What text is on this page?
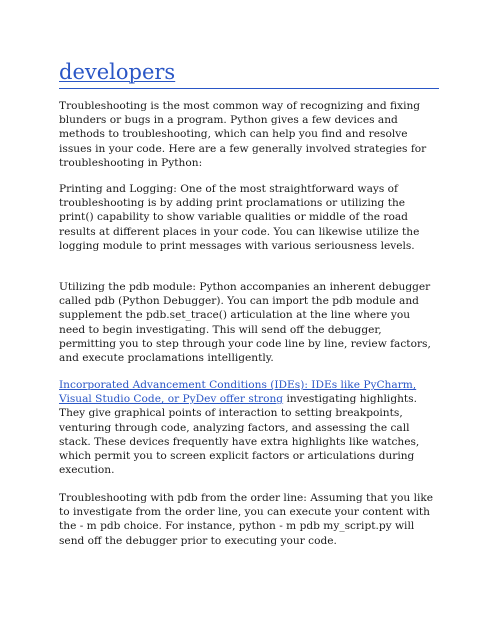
developers

Troubleshooting is the most common way of recognizing and fixing blunders or bugs in a program. Python gives a few devices and methods to troubleshooting, which can help you find and resolve issues in your code. Here are a few generally involved strategies for troubleshooting in Python:

Printing and Logging: One of the most straightforward ways of troubleshooting is by adding print proclamations or utilizing the print() capability to show variable qualities or middle of the road results at different places in your code. You can likewise utilize the logging module to print messages with various seriousness levels.

Utilizing the pdb module: Python accompanies an inherent debugger called pdb (Python Debugger). You can import the pdb module and supplement the pdb.set_trace() articulation at the line where you need to begin investigating. This will send off the debugger, permitting you to step through your code line by line, review factors, and execute proclamations intelligently.

Incorporated Advancement Conditions (IDEs): IDEs like PyCharm, Visual Studio Code, or PyDev offer strong investigating highlights. They give graphical points of interaction to setting breakpoints, venturing through code, analyzing factors, and assessing the call stack. These devices frequently have extra highlights like watches, which permit you to screen explicit factors or articulations during execution.

Troubleshooting with pdb from the order line: Assuming that you like to investigate from the order line, you can execute your content with the - m pdb choice. For instance, python - m pdb my_script.py will send off the debugger prior to executing your code.
